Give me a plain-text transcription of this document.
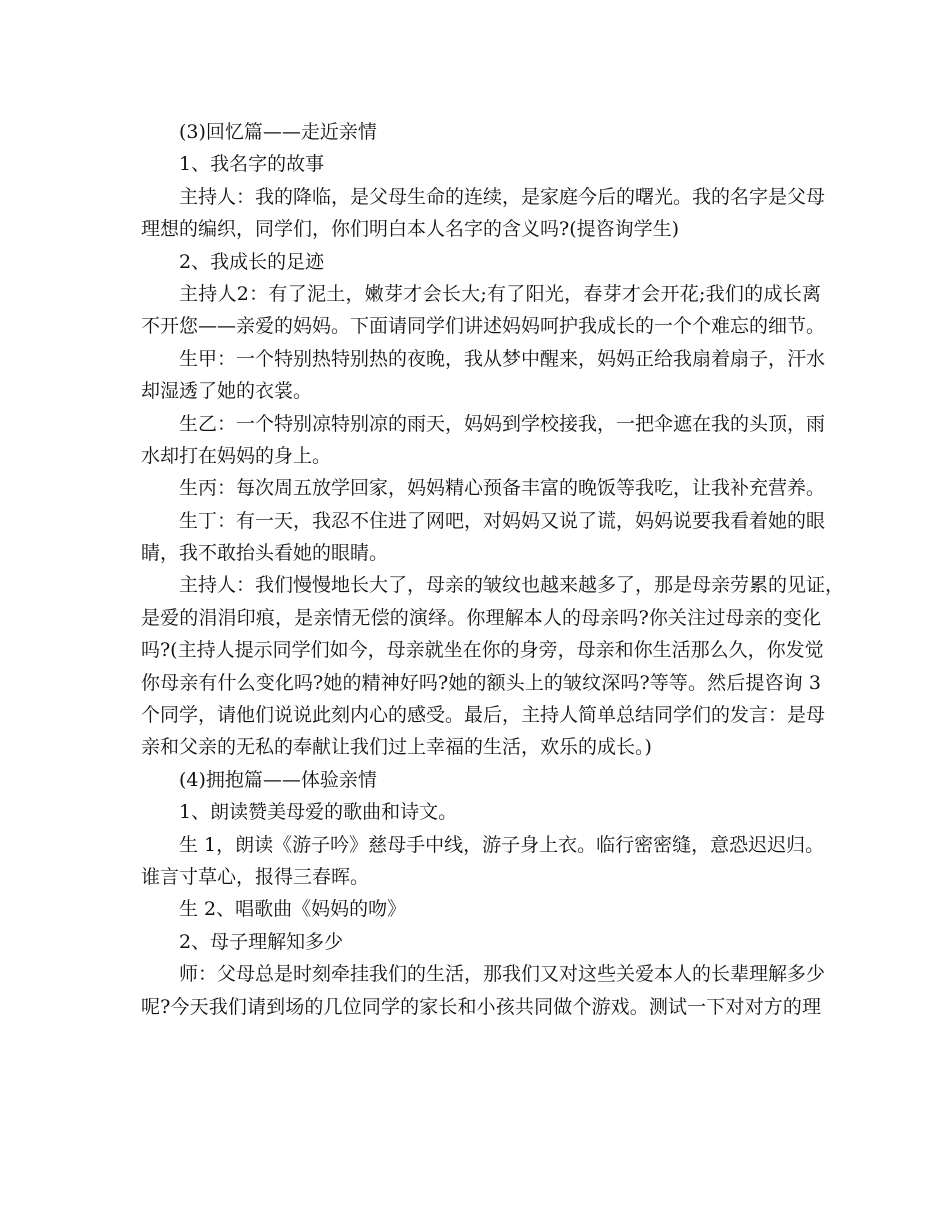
(3)回忆篇——走近亲情

1、我名字的故事

主持人：我的降临，是父母生命的连续，是家庭今后的曙光。我的名字是父母

理想的编织，同学们，你们明白本人名字的含义吗?(提咨询学生)

2、我成长的足迹

主持人2：有了泥土，嫩芽才会长大;有了阳光，春芽才会开花;我们的成长离

不开您——亲爱的妈妈。下面请同学们讲述妈妈呵护我成长的一个个难忘的细节。

生甲：一个特别热特别热的夜晚，我从梦中醒来，妈妈正给我扇着扇子，汗水

却湿透了她的衣裳。

生乙：一个特别凉特别凉的雨天，妈妈到学校接我，一把伞遮在我的头顶，雨

水却打在妈妈的身上。

生丙：每次周五放学回家，妈妈精心预备丰富的晚饭等我吃，让我补充营养。

生丁：有一天，我忍不住进了网吧，对妈妈又说了谎，妈妈说要我看着她的眼

睛，我不敢抬头看她的眼睛。

主持人：我们慢慢地长大了，母亲的皱纹也越来越多了，那是母亲劳累的见证，

是爱的涓涓印痕，是亲情无偿的演绎。你理解本人的母亲吗?你关注过母亲的变化

吗?(主持人提示同学们如今，母亲就坐在你的身旁，母亲和你生活那么久，你发觉

你母亲有什么变化吗?她的精神好吗?她的额头上的皱纹深吗?等等。然后提咨询 3

个同学，请他们说说此刻内心的感受。最后，主持人简单总结同学们的发言：是母

亲和父亲的无私的奉献让我们过上幸福的生活，欢乐的成长。)

(4)拥抱篇——体验亲情

1、朗读赞美母爱的歌曲和诗文。

生 1，朗读《游子吟》慈母手中线，游子身上衣。临行密密缝，意恐迟迟归。

谁言寸草心，报得三春晖。

生 2、唱歌曲《妈妈的吻》

2、母子理解知多少

师：父母总是时刻牵挂我们的生活，那我们又对这些关爱本人的长辈理解多少

呢?今天我们请到场的几位同学的家长和小孩共同做个游戏。测试一下对对方的理
